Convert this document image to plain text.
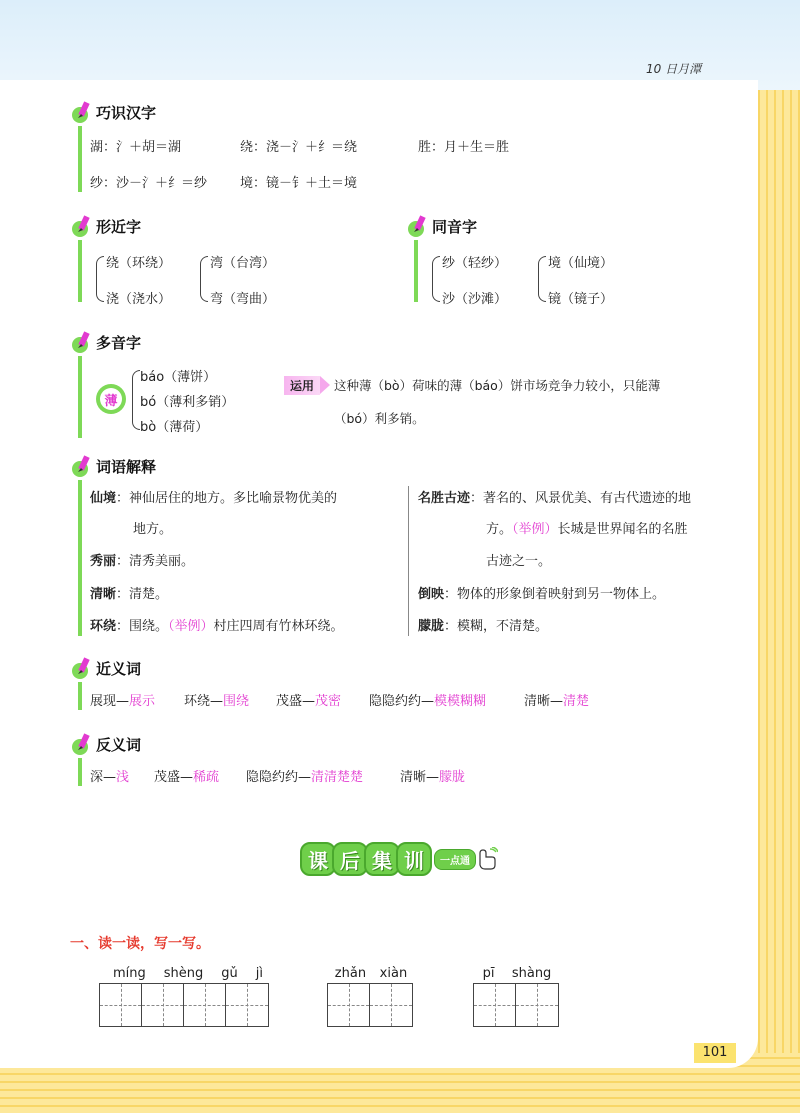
10 日月潭
巧识汉字
湖：氵＋胡＝湖	绕：浇－氵＋纟＝绕	胜：月＋生＝胜
纱：沙－氵＋纟＝纱	境：镜－钅＋土＝境
形近字
绕（环绕）
浇（浇水）
湾（台湾）
弯（弯曲）
同音字
纱（轻纱）
沙（沙滩）
境（仙境）
镜（镜子）
多音字
薄
báo（薄饼）
bó（薄利多销）
bò（薄荷）
运用	这种薄（bò）荷味的薄（báo）饼市场竞争力较小，只能薄
（bó）利多销。
词语解释
仙境：神仙居住的地方。多比喻景物优美的
地方。
秀丽：清秀美丽。
清晰：清楚。
环绕：围绕。（举例）村庄四周有竹林环绕。
名胜古迹：著名的、风景优美、有古代遗迹的地
方。（举例）长城是世界闻名的名胜
古迹之一。
倒映：物体的形象倒着映射到另一物体上。
朦胧：模糊，不清楚。
近义词
展现—展示 环绕—围绕 茂盛—茂密 隐隐约约—模模糊糊	清晰—清楚
反义词
深—浅 茂盛—稀疏 隐隐约约—清清楚楚	清晰—朦胧
课 后 集 训	一点通
一、读一读，写一写。
míng shèng gǔ jì	zhǎn xiàn	pī shàng
101
